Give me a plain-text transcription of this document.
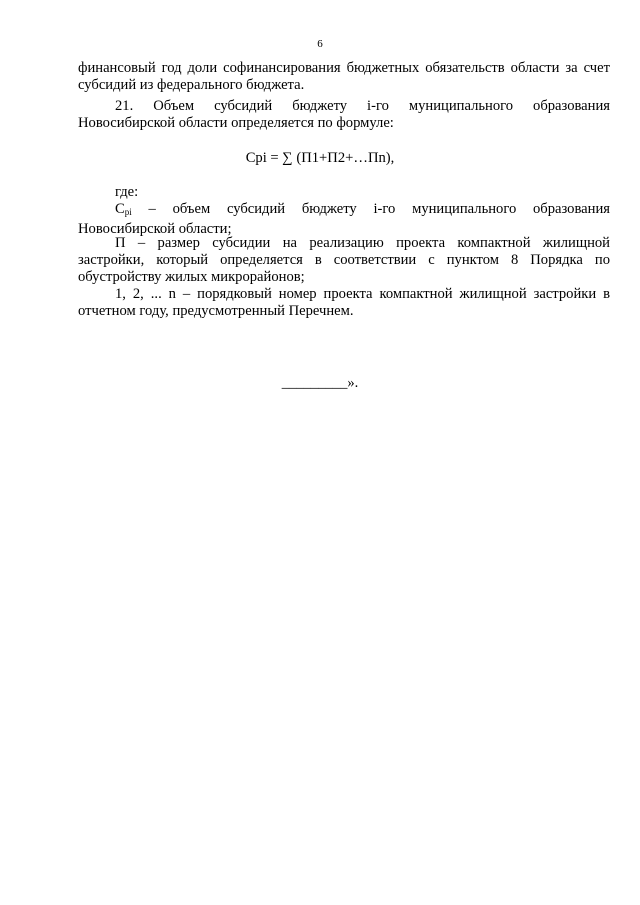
6

финансовый год доли софинансирования бюджетных обязательств области за счет субсидий из федерального бюджета.

21. Объем субсидий бюджету i-го муниципального образования Новосибирской области определяется по формуле:

Cpi = ∑ (П1+П2+…Пn),

где:

$C_{pi}$ – объем субсидий бюджету i-го муниципального образования Новосибирской области;

П – размер субсидии на реализацию проекта компактной жилищной застройки, который определяется в соответствии с пунктом 8 Порядка по обустройству жилых микрорайонов;

1, 2, ... n – порядковый номер проекта компактной жилищной застройки в отчетном году, предусмотренный Перечнем.

_________».
